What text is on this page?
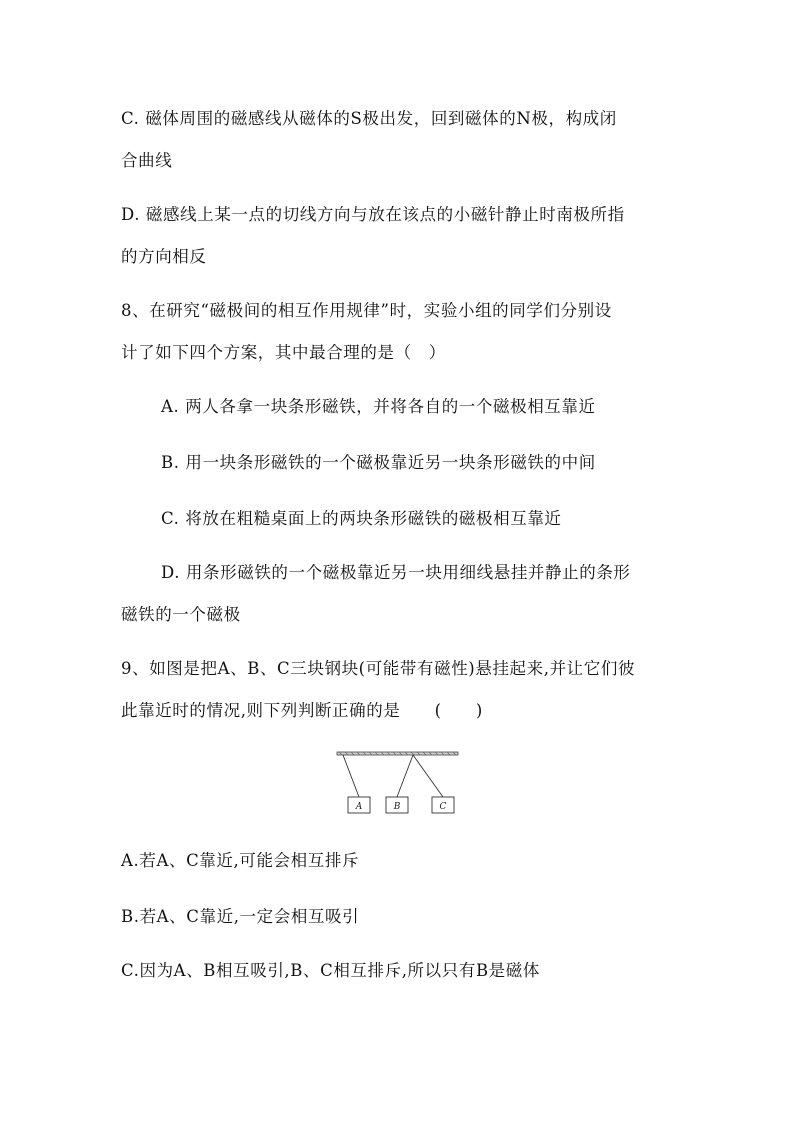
C. 磁体周围的磁感线从磁体的S极出发，回到磁体的N极，构成闭
合曲线
D. 磁感线上某一点的切线方向与放在该点的小磁针静止时南极所指
的方向相反
8、在研究“磁极间的相互作用规律”时，实验小组的同学们分别设
计了如下四个方案，其中最合理的是（　）
A. 两人各拿一块条形磁铁，并将各自的一个磁极相互靠近
B. 用一块条形磁铁的一个磁极靠近另一块条形磁铁的中间
C. 将放在粗糙桌面上的两块条形磁铁的磁极相互靠近
D. 用条形磁铁的一个磁极靠近另一块用细线悬挂并静止的条形
磁铁的一个磁极
9、如图是把A、B、C三块钢块(可能带有磁性)悬挂起来,并让它们彼
此靠近时的情况,则下列判断正确的是　　(　　)
A	B	C
A.若A、C靠近,可能会相互排斥
B.若A、C靠近,一定会相互吸引
C.因为A、B相互吸引,B、C相互排斥,所以只有B是磁体
